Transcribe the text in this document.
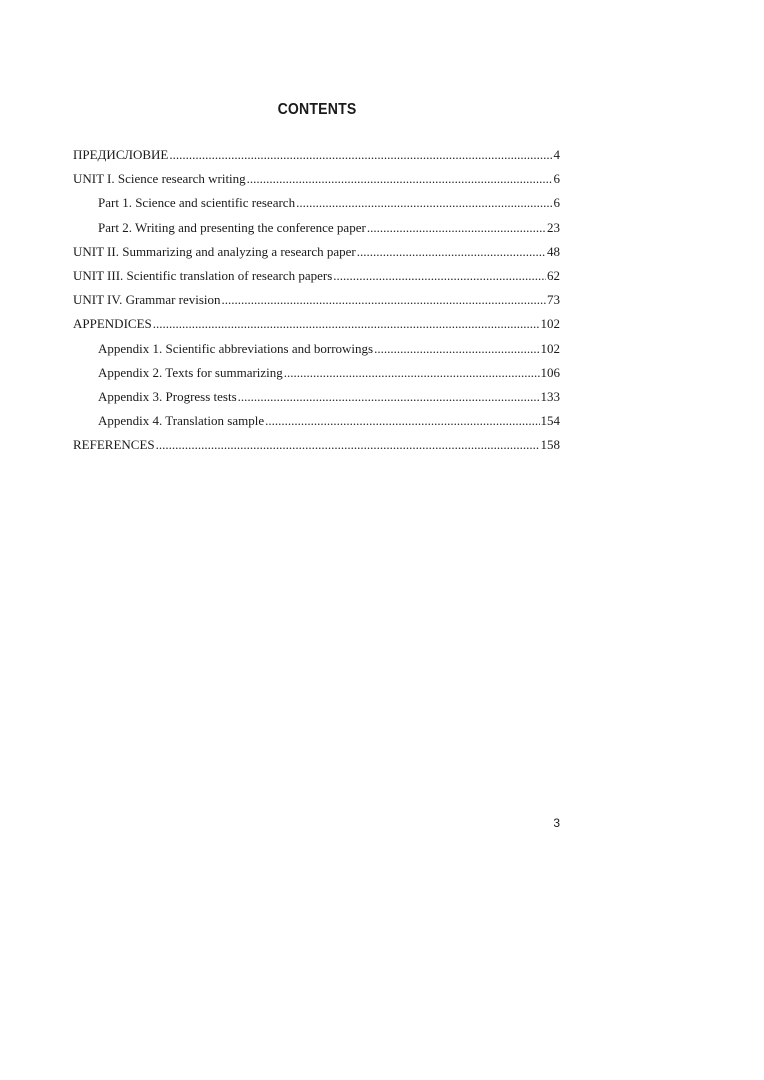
CONTENTS
ПРЕДИСЛОВИЕ .....	4
UNIT I. Science research writing .....	6
Part 1. Science and scientific research .....	6
Part 2. Writing and presenting the conference paper .....	23
UNIT II. Summarizing and analyzing a research paper .....	48
UNIT III. Scientific translation of research papers .....	62
UNIT IV. Grammar revision .....	73
APPENDICES .....	102
Appendix 1. Scientific abbreviations and borrowings .....	102
Appendix 2. Texts for summarizing .....	106
Appendix 3. Progress tests .....	133
Appendix 4. Translation sample .....	154
REFERENCES .....	158
3
